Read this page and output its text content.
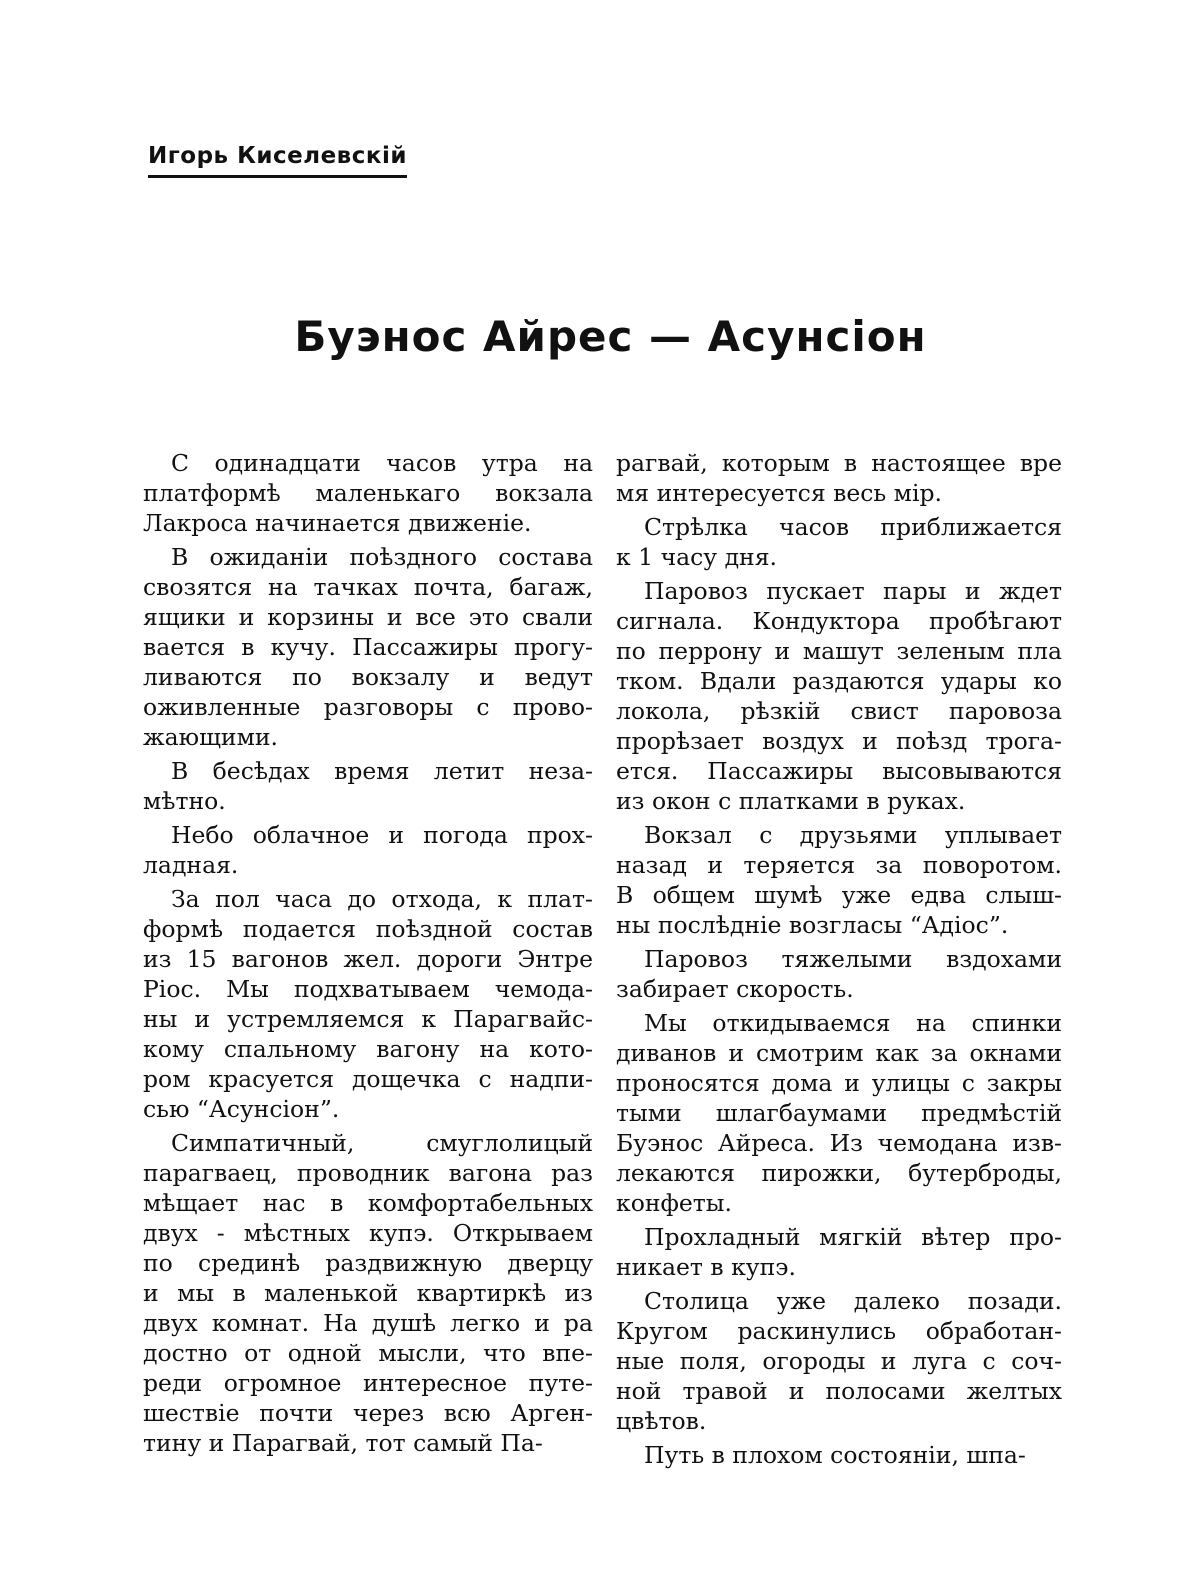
Игорь Киселевскій
Буэнос Айрес — Асунсіон

С одинадцати часов утра на
платформѣ маленькаго вокзала
Лакроса начинается движеніе.

В ожиданіи поѣздного состава
свозятся на тачках почта, багаж,
ящики и корзины и все это свали
вается в кучу. Пассажиры прогу-
ливаются по вокзалу и ведут
оживленные разговоры с прово-
жающими.

В бесѣдах время летит неза-
мѣтно.

Небо облачное и погода прох-
ладная.

За пол часа до отхода, к плат-
формѣ подается поѣздной состав
из 15 вагонов жел. дороги Энтре
Ріос. Мы подхватываем чемода-
ны и устремляемся к Парагвайс-
кому спальному вагону на кото-
ром красуется дощечка с надпи-
сью “Асунсіон”.

Симпатичный, смуглолицый
парагваец, проводник вагона раз
мѣщает нас в комфортабельных
двух - мѣстных купэ. Открываем
по срединѣ раздвижную дверцу
и мы в маленькой квартиркѣ из
двух комнат. На душѣ легко и ра
достно от одной мысли, что впе-
реди огромное интересное путе-
шествіе почти через всю Арген-
тину и Парагвай, тот самый Па-

рагвай, которым в настоящее вре
мя интересуется весь мір.

Стрѣлка часов приближается
к 1 часу дня.

Паровоз пускает пары и ждет
сигнала. Кондуктора пробѣгают
по перрону и машут зеленым пла
тком. Вдали раздаются удары ко
локола, рѣзкій свист паровоза
прорѣзает воздух и поѣзд трога-
ется. Пассажиры высовываются
из окон с платками в руках.

Вокзал с друзьями уплывает
назад и теряется за поворотом.
В общем шумѣ уже едва слыш-
ны послѣдніе возгласы “Адіос”.

Паровоз тяжелыми вздохами
забирает скорость.

Мы откидываемся на спинки
диванов и смотрим как за окнами
проносятся дома и улицы с закры
тыми шлагбаумами предмѣстій
Буэнос Айреса. Из чемодана изв-
лекаются пирожки, бутерброды,
конфеты.

Прохладный мягкій вѣтер про-
никает в купэ.

Столица уже далеко позади.
Кругом раскинулись обработан-
ные поля, огороды и луга с соч-
ной травой и полосами желтых
цвѣтов.

Путь в плохом состояніи, шпа-
